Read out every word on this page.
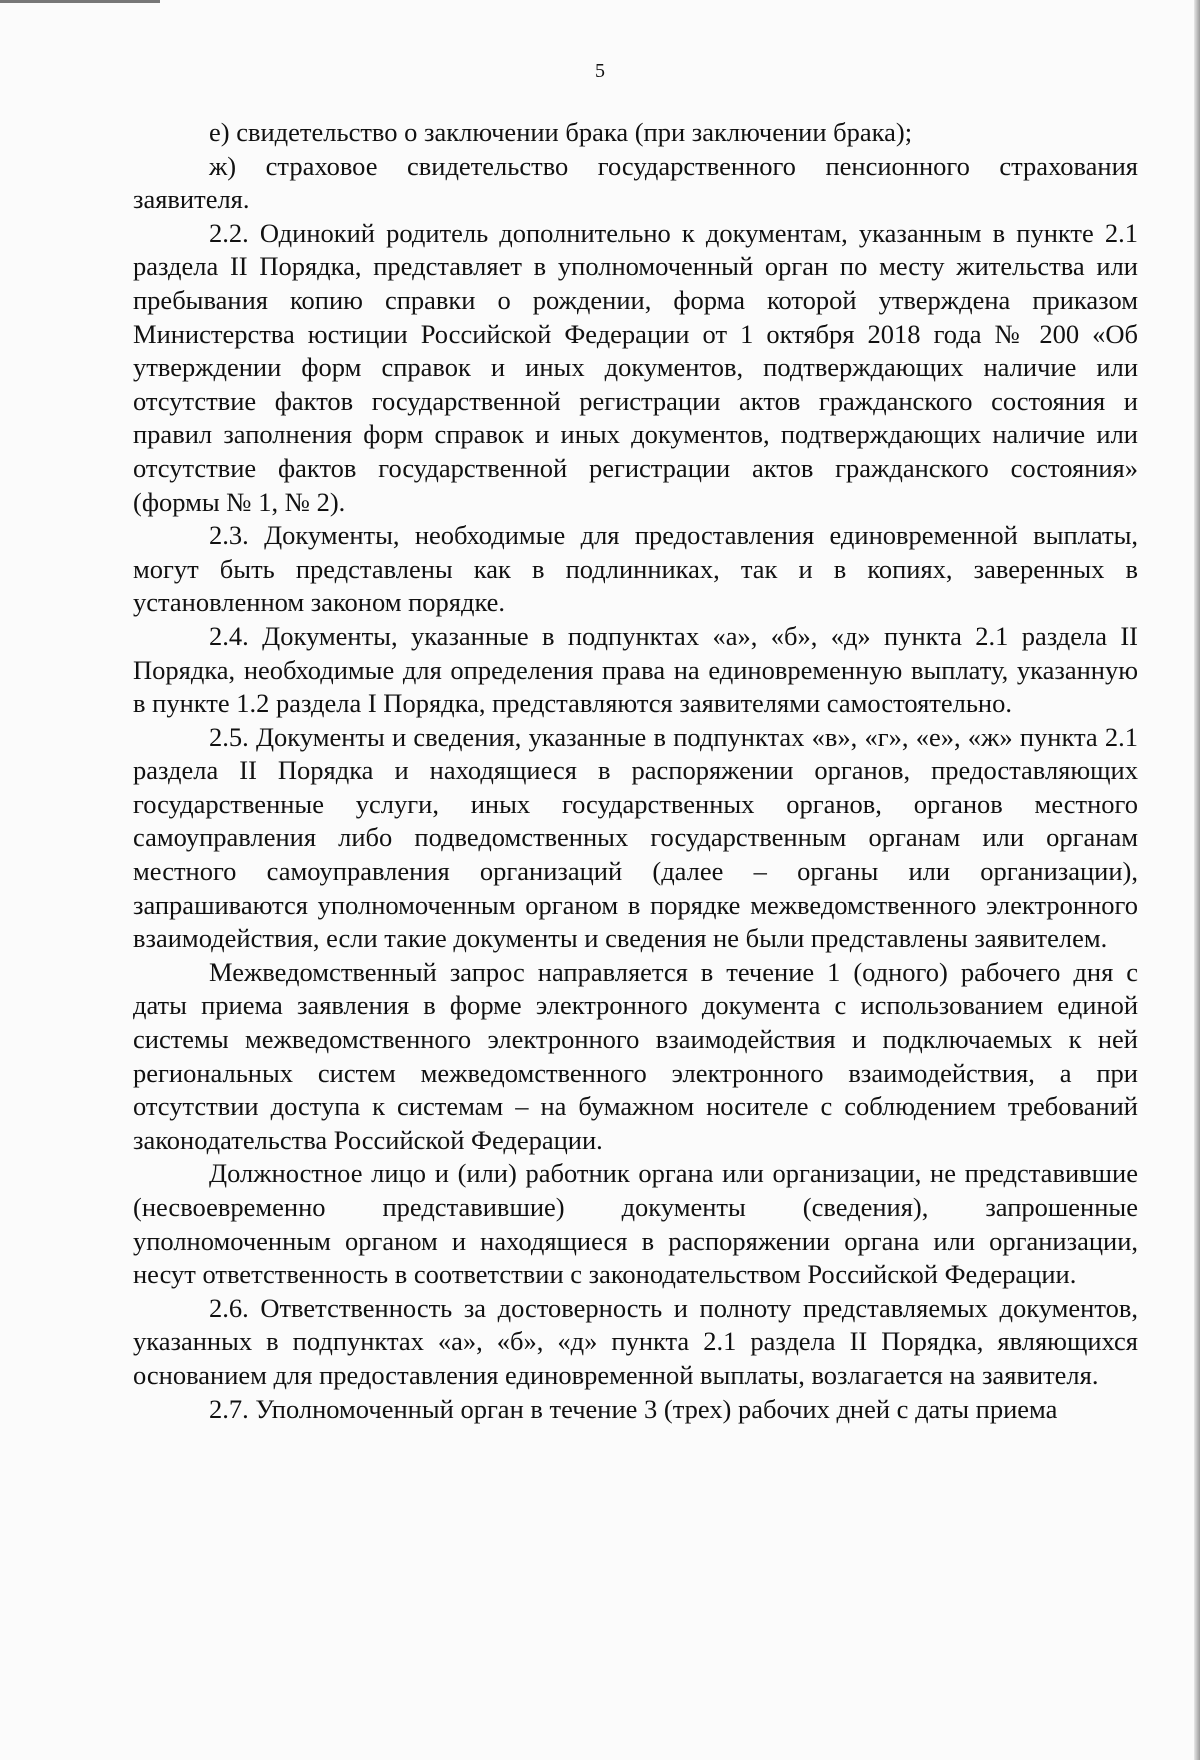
5

е) свидетельство о заключении брака (при заключении брака);

ж) страховое свидетельство государственного пенсионного страхования заявителя.

2.2. Одинокий родитель дополнительно к документам, указанным в пункте 2.1 раздела II Порядка, представляет в уполномоченный орган по месту жительства или пребывания копию справки о рождении, форма которой утверждена приказом Министерства юстиции Российской Федерации от 1 октября 2018 года № 200 «Об утверждении форм справок и иных документов, подтверждающих наличие или отсутствие фактов государственной регистрации актов гражданского состояния и правил заполнения форм справок и иных документов, подтверждающих наличие или отсутствие фактов государственной регистрации актов гражданского состояния» (формы № 1, № 2).

2.3. Документы, необходимые для предоставления единовременной выплаты, могут быть представлены как в подлинниках, так и в копиях, заверенных в установленном законом порядке.

2.4. Документы, указанные в подпунктах «а», «б», «д» пункта 2.1 раздела II Порядка, необходимые для определения права на единовременную выплату, указанную в пункте 1.2 раздела I Порядка, представляются заявителями самостоятельно.

2.5. Документы и сведения, указанные в подпунктах «в», «г», «е», «ж» пункта 2.1 раздела II Порядка и находящиеся в распоряжении органов, предоставляющих государственные услуги, иных государственных органов, органов местного самоуправления либо подведомственных государственным органам или органам местного самоуправления организаций (далее – органы или организации), запрашиваются уполномоченным органом в порядке межведомственного электронного взаимодействия, если такие документы и сведения не были представлены заявителем.

Межведомственный запрос направляется в течение 1 (одного) рабочего дня с даты приема заявления в форме электронного документа с использованием единой системы межведомственного электронного взаимодействия и подключаемых к ней региональных систем межведомственного электронного взаимодействия, а при отсутствии доступа к системам – на бумажном носителе с соблюдением требований законодательства Российской Федерации.

Должностное лицо и (или) работник органа или организации, не представившие (несвоевременно представившие) документы (сведения), запрошенные уполномоченным органом и находящиеся в распоряжении органа или организации, несут ответственность в соответствии с законодательством Российской Федерации.

2.6. Ответственность за достоверность и полноту представляемых документов, указанных в подпунктах «а», «б», «д» пункта 2.1 раздела II Порядка, являющихся основанием для предоставления единовременной выплаты, возлагается на заявителя.

2.7. Уполномоченный орган в течение 3 (трех) рабочих дней с даты приема
